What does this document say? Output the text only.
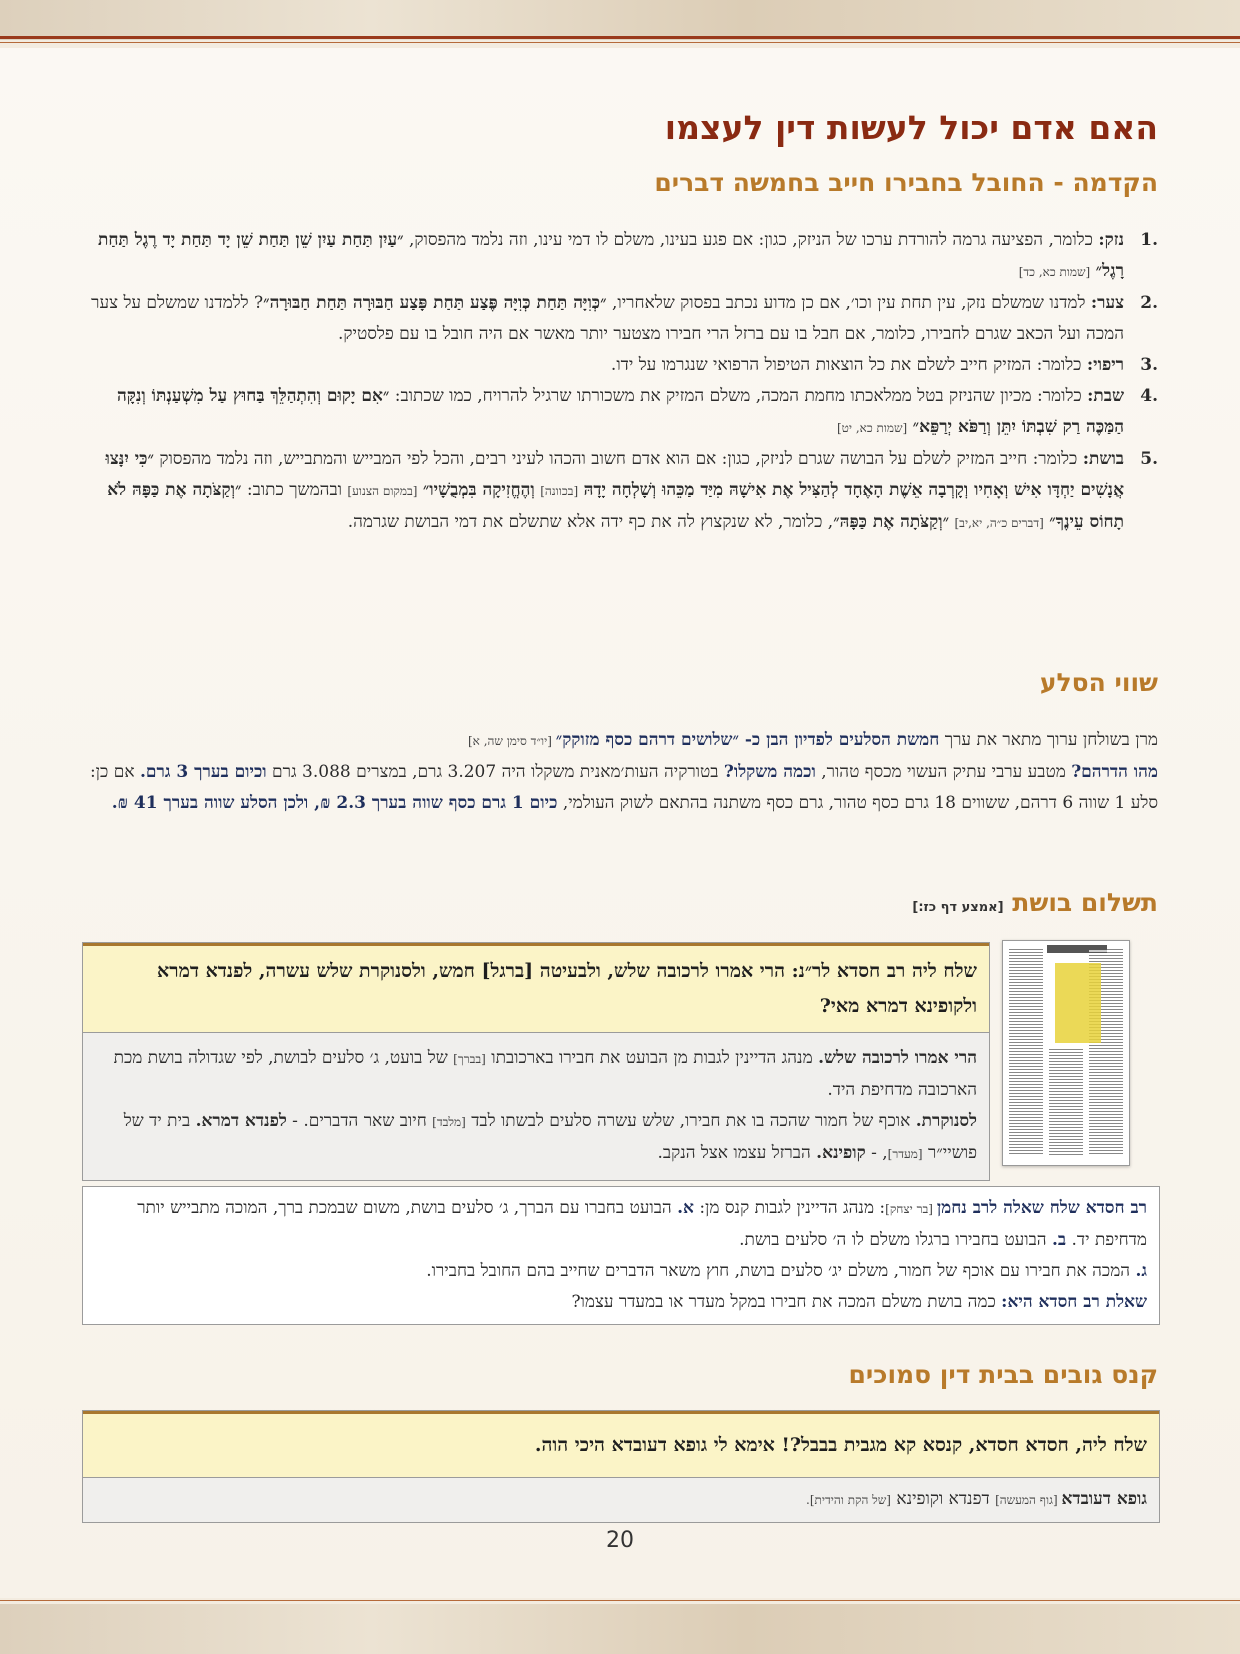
האם אדם יכול לעשות דין לעצמו
הקדמה - החובל בחבירו חייב בחמשה דברים
.1
נזק: כלומר, הפציעה גרמה להורדת ערכו של הניזק, כגון: אם פגע בעינו, משלם לו דמי עינו, וזה נלמד מהפסוק, ״עַיִן תַּחַת עַיִן שֵׁן תַּחַת שֵׁן יָד תַּחַת יָד רֶגֶל תַּחַת רָגֶל״ [שמות כא, כד]
.2
צער: למדנו שמשלם נזק, עין תחת עין וכו׳, אם כן מדוע נכתב בפסוק שלאחריו, ״כְּוִיָּה תַּחַת כְּוִיָּה פֶּצַע תַּחַת פָּצַע חַבּוּרָה תַּחַת חַבּוּרָה״? ללמדנו שמשלם על צער המכה ועל הכאב שגרם לחבירו, כלומר, אם חבל בו עם ברזל הרי חבירו מצטער יותר מאשר אם היה חובל בו עם פלסטיק.
.3
ריפוי: כלומר: המזיק חייב לשלם את כל הוצאות הטיפול הרפואי שנגרמו על ידו.
.4
שבת: כלומר: מכיון שהניזק בטל ממלאכתו מחמת המכה, משלם המזיק את משכורתו שרגיל להרויח, כמו שכתוב: ״אִם יָקוּם וְהִתְהַלֵּךְ בַּחוּץ עַל מִשְׁעַנְתּוֹ וְנִקָּה הַמַּכֶּה רַק שִׁבְתּוֹ יִתֵּן וְרַפֹּא יְרַפֵּא״ [שמות כא, יט]
.5
בושת: כלומר: חייב המזיק לשלם על הבושה שגרם לניזק, כגון: אם הוא אדם חשוב והכהו לעיני רבים, והכל לפי המבייש והמתבייש, וזה נלמד מהפסוק ״כִּי יִנָּצוּ אֲנָשִׁים יַחְדָּו אִישׁ וְאָחִיו וְקָרְבָה אֵשֶׁת הָאֶחָד לְהַצִּיל אֶת אִישָׁהּ מִיַּד מַכֵּהוּ וְשָׁלְחָה יָדָהּ [בכוונה] וְהֶחֱזִיקָה בִּמְבֻשָׁיו״ [במקום הצנוע] ובהמשך כתוב: ״וְקַצֹּתָה אֶת כַּפָּהּ לֹא תָחוֹס עֵינֶךָ״ [דברים כ״ה, יא,יב] ״וְקַצֹּתָה אֶת כַּפָּהּ״, כלומר, לא שנקצוץ לה את כף ידה אלא שתשלם את דמי הבושת שגרמה.
שווי הסלע

מרן בשולחן ערוך מתאר את ערך חמשת הסלעים לפדיון הבן כ- ״שלושים דרהם כסף מזוקק״ [יו״ד סימן שה, א]
מהו הדרהם? מטבע ערבי עתיק העשוי מכסף טהור, וכמה משקלו? בטורקיה העות׳מאנית משקלו היה 3.207 גרם, במצרים 3.088 גרם וכיום בערך 3 גרם. אם כן: סלע 1 שווה 6 דרהם, ששווים 18 גרם כסף טהור, גרם כסף משתנה בהתאם לשוק העולמי, כיום 1 גרם כסף שווה בערך 2.3 ₪, ולכן הסלע שווה בערך 41 ₪.

תשלום בושת [אמצע דף כז:]
שלח ליה רב חסדא לר״נ: הרי אמרו לרכובה שלש, ולבעיטה [ברגל] חמש, ולסנוקרת שלש עשרה, לפנדא דמרא ולקופינא דמרא מאי?
הרי אמרו לרכובה שלש. מנהג הדיינין לגבות מן הבועט את חבירו בארכובתו [בברך] של בועט, ג׳ סלעים לבושת, לפי שגדולה בושת מכת הארכובה מדחיפת היד.
לסנוקרת. אוכף של חמור שהכה בו את חבירו, שלש עשרה סלעים לבשתו לבד [מלבד] חיוב שאר הדברים. - לפנדא דמרא. בית יד של פושיי״ר [מעדר], - קופינא. הברזל עצמו אצל הנקב.
רב חסדא שלח שאלה לרב נחמן [בר יצחק]: מנהג הדיינין לגבות קנס מן: א. הבועט בחברו עם הברך, ג׳ סלעים בושת, משום שבמכת ברך, המוכה מתבייש יותר מדחיפת יד. ב. הבועט בחבירו ברגלו משלם לו ה׳ סלעים בושת.
ג. המכה את חבירו עם אוכף של חמור, משלם יג׳ סלעים בושת, חוץ משאר הדברים שחייב בהם החובל בחבירו.
שאלת רב חסדא היא: כמה בושת משלם המכה את חבירו במקל מעדר או במעדר עצמו?
קנס גובים בבית דין סמוכים
שלח ליה, חסדא חסדא, קנסא קא מגבית בבבל?! אימא לי גופא דעובדא היכי הוה.
גופא דעובדא [גוף המעשה] דפנדא וקופינא [של הקת והידית].
20
